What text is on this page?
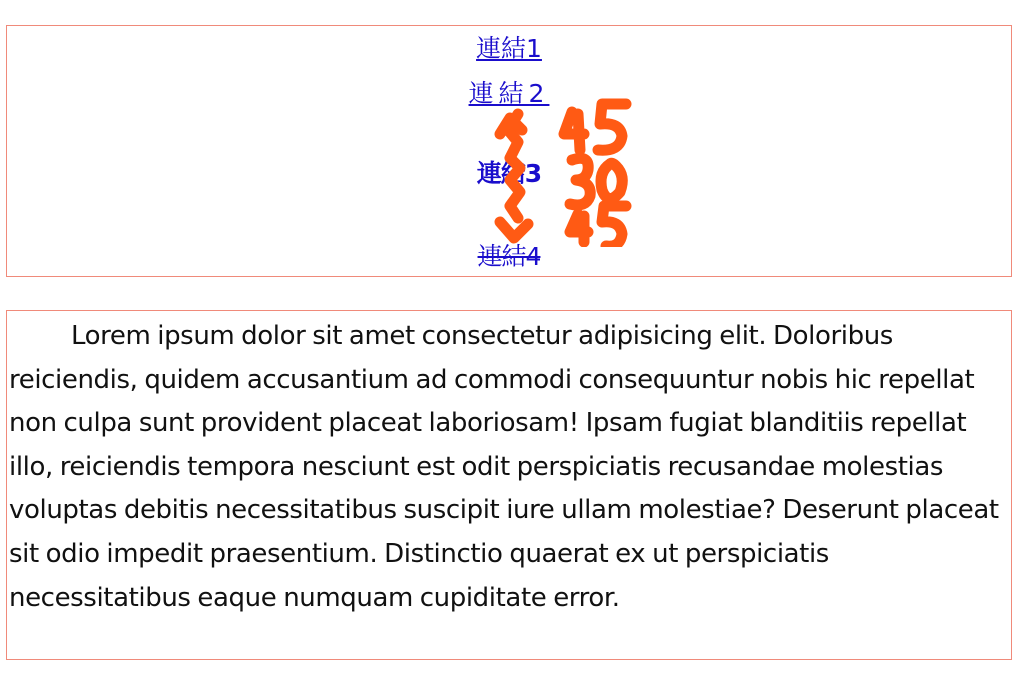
連結1
連結2
連結3
連結4

Lorem ipsum dolor sit amet consectetur adipisicing elit. Doloribus reiciendis, quidem accusantium ad commodi consequuntur nobis hic repellat non culpa sunt provident placeat laboriosam! Ipsam fugiat blanditiis repellat illo, reiciendis tempora nesciunt est odit perspiciatis recusandae molestias voluptas debitis necessitatibus suscipit iure ullam molestiae? Deserunt placeat sit odio impedit praesentium. Distinctio quaerat ex ut perspiciatis necessitatibus eaque numquam cupiditate error.
